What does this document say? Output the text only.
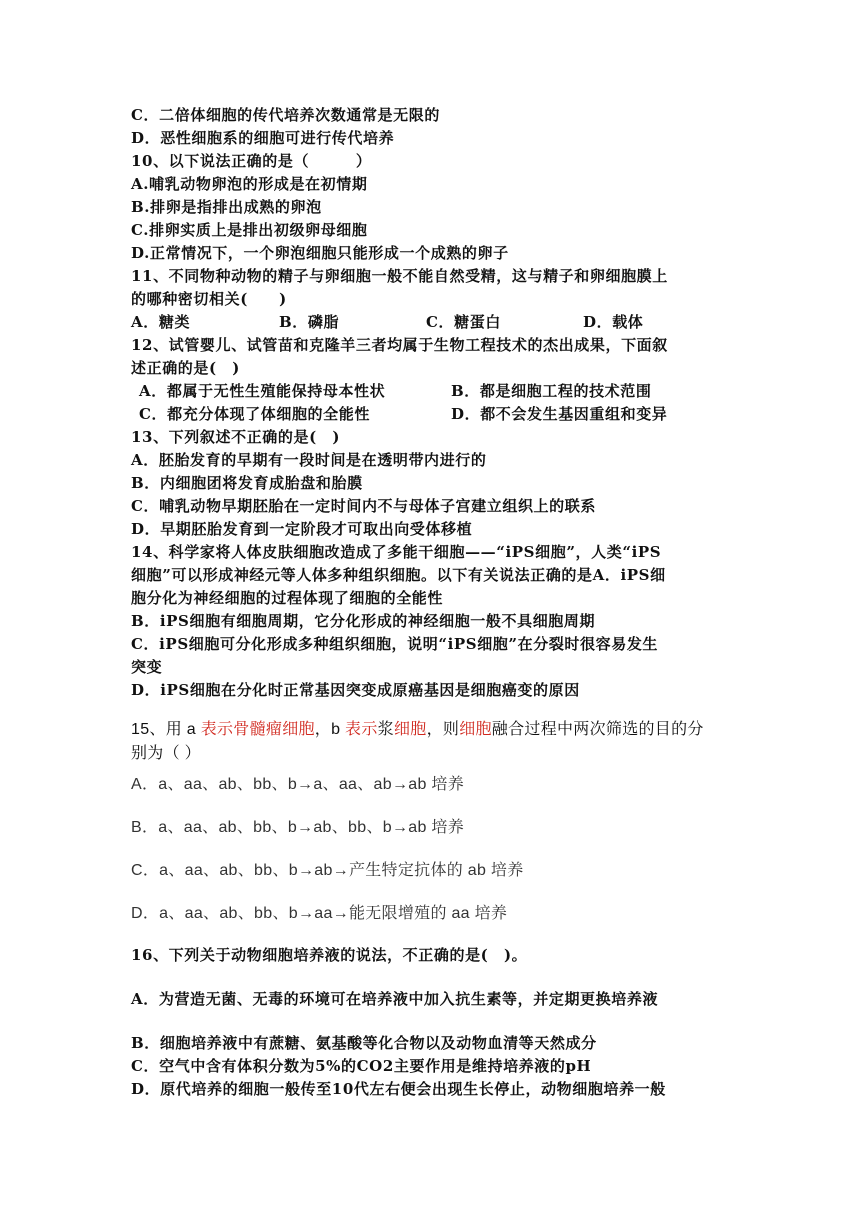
C．二倍体细胞的传代培养次数通常是无限的
D．恶性细胞系的细胞可进行传代培养
10、以下说法正确的是（　　　）
A.哺乳动物卵泡的形成是在初情期
B.排卵是指排出成熟的卵泡
C.排卵实质上是排出初级卵母细胞
D.正常情况下，一个卵泡细胞只能形成一个成熟的卵子
11、不同物种动物的精子与卵细胞一般不能自然受精，这与精子和卵细胞膜上
的哪种密切相关(　　)
A．糖类	B．磷脂	C．糖蛋白	D．载体
12、试管婴儿、试管苗和克隆羊三者均属于生物工程技术的杰出成果，下面叙
述正确的是(　)
A．都属于无性生殖能保持母本性状	B．都是细胞工程的技术范围
C．都充分体现了体细胞的全能性	D．都不会发生基因重组和变异
13、下列叙述不正确的是(　)
A．胚胎发育的早期有一段时间是在透明带内进行的
B．内细胞团将发育成胎盘和胎膜
C．哺乳动物早期胚胎在一定时间内不与母体子宫建立组织上的联系
D．早期胚胎发育到一定阶段才可取出向受体移植
14、科学家将人体皮肤细胞改造成了多能干细胞——“iPS细胞”，人类“iPS
细胞”可以形成神经元等人体多种组织细胞。以下有关说法正确的是A．iPS细
胞分化为神经细胞的过程体现了细胞的全能性
B．iPS细胞有细胞周期，它分化形成的神经细胞一般不具细胞周期
C．iPS细胞可分化形成多种组织细胞，说明“iPS细胞”在分裂时很容易发生
突变
D．iPS细胞在分化时正常基因突变成原癌基因是细胞癌变的原因
15、用 a 表示骨髓瘤细胞，b 表示浆细胞，则细胞融合过程中两次筛选的目的分
别为（ ）
A．a、aa、ab、bb、b→a、aa、ab→ab 培养
B．a、aa、ab、bb、b→ab、bb、b→ab 培养
C．a、aa、ab、bb、b→ab→产生特定抗体的 ab 培养
D．a、aa、ab、bb、b→aa→能无限增殖的 aa 培养
16、下列关于动物细胞培养液的说法，不正确的是(　)。
A．为营造无菌、无毒的环境可在培养液中加入抗生素等，并定期更换培养液
B．细胞培养液中有蔗糖、氨基酸等化合物以及动物血清等天然成分
C．空气中含有体积分数为5%的CO2主要作用是维持培养液的pH
D．原代培养的细胞一般传至10代左右便会出现生长停止，动物细胞培养一般
